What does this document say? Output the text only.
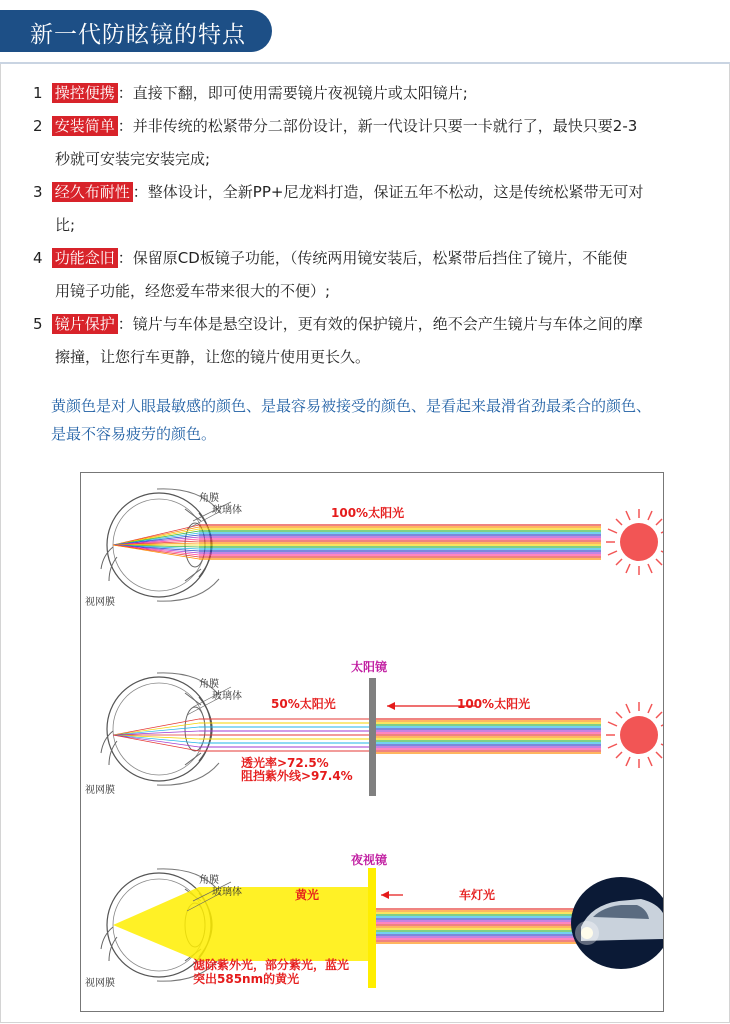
新一代防眩镜的特点
1 操控便携 ：直接下翻，即可使用需要镜片夜视镜片或太阳镜片;
2 安装简单 ：并非传统的松紧带分二部份设计，新一代设计只要一卡就行了，最快只要2-3
秒就可安装完安装完成;
3 经久布耐性 ：整体设计，全新PP+尼龙料打造，保证五年不松动，这是传统松紧带无可对
比;
4 功能念旧 ：保留原CD板镜子功能，（传统两用镜安装后，松紧带后挡住了镜片，不能使
用镜子功能，经您爱车带来很大的不便）;
5 镜片保护 ：镜片与车体是悬空设计，更有效的保护镜片，绝不会产生镜片与车体之间的摩
擦撞，让您行车更静，让您的镜片使用更长久。
黄颜色是对人眼最敏感的颜色、是最容易被接受的颜色、是看起来最滑省劲最柔合的颜色、
是最不容易疲劳的颜色。
角膜
玻璃体
视网膜
100%太阳光
角膜
玻璃体
视网膜
太阳镜
50%太阳光	100%太阳光
透光率>72.5%
阻挡紫外线>97.4%
角膜
玻璃体
视网膜
夜视镜
黄光	车灯光
滤除紫外光，部分紫光，蓝光
突出585nm的黄光
